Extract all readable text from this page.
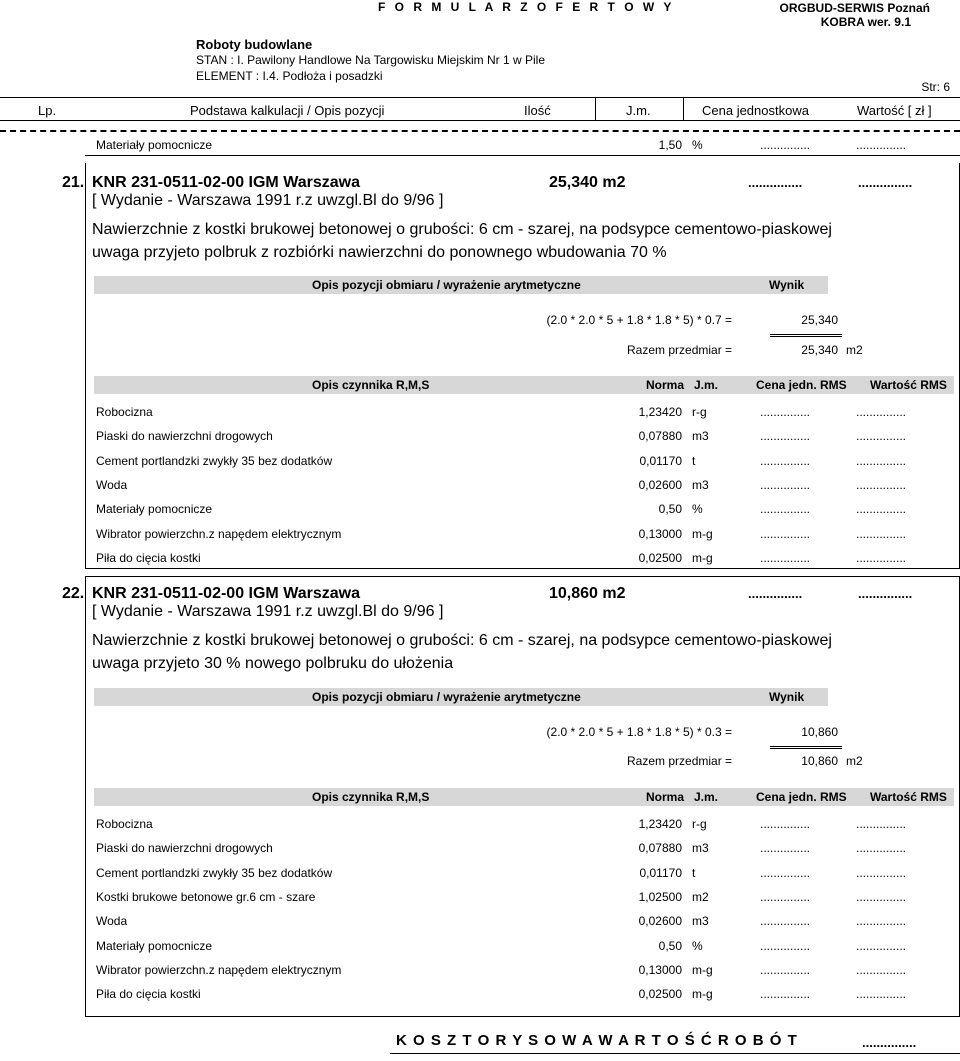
F O R M U L A R Z O F E R T O W Y	ORGBUD-SERWIS Poznań
KOBRA wer. 9.1
Roboty budowlane
STAN : I. Pawilony Handlowe Na Targowisku Miejskim Nr 1 w Pile
ELEMENT : I.4. Podłoża i posadzki
Str: 6
Lp.	Podstawa kalkulacji / Opis pozycji	Ilość	J.m.	Cena jednostkowa	Wartość [ zł ]
Materiały pomocnicze	1,50 %	...............	...............
21. KNR 231-0511-02-00 IGM Warszawa	25,340 m2	...............	...............
[ Wydanie - Warszawa 1991 r.z uwzgl.Bl do 9/96 ]
Nawierzchnie z kostki brukowej betonowej o grubości: 6 cm - szarej, na podsypce cementowo-piaskowej
uwaga przyjeto polbruk z rozbiórki nawierzchni do ponownego wbudowania 70 %
Opis pozycji obmiaru / wyrażenie arytmetyczne	Wynik
(2.0 * 2.0 * 5 + 1.8 * 1.8 * 5) * 0.7 =	25,340
Razem przedmiar =	25,340 m2
Opis czynnika R,M,S	Norma J.m.	Cena jedn. RMS Wartość RMS
Robocizna	1,23420 r-g	...............	...............
Piaski do nawierzchni drogowych	0,07880 m3	...............	...............
Cement portlandzki zwykły 35 bez dodatków	0,01170 t	...............	...............
Woda	0,02600 m3	...............	...............
Materiały pomocnicze	0,50 %	...............	...............
Wibrator powierzchn.z napędem elektrycznym	0,13000 m-g	...............	...............
Piła do cięcia kostki	0,02500 m-g	...............	...............
22. KNR 231-0511-02-00 IGM Warszawa	10,860 m2	...............	...............
[ Wydanie - Warszawa 1991 r.z uwzgl.Bl do 9/96 ]
Nawierzchnie z kostki brukowej betonowej o grubości: 6 cm - szarej, na podsypce cementowo-piaskowej
uwaga przyjeto 30 % nowego polbruku do ułożenia
Opis pozycji obmiaru / wyrażenie arytmetyczne	Wynik
(2.0 * 2.0 * 5 + 1.8 * 1.8 * 5) * 0.3 =	10,860
Razem przedmiar =	10,860 m2
Opis czynnika R,M,S	Norma J.m.	Cena jedn. RMS Wartość RMS
Robocizna	1,23420 r-g	...............	...............
Piaski do nawierzchni drogowych	0,07880 m3	...............	...............
Cement portlandzki zwykły 35 bez dodatków	0,01170 t	...............	...............
Kostki brukowe betonowe gr.6 cm - szare	1,02500 m2	...............	...............
Woda	0,02600 m3	...............	...............
Materiały pomocnicze	0,50 %	...............	...............
Wibrator powierzchn.z napędem elektrycznym	0,13000 m-g	...............	...............
Piła do cięcia kostki	0,02500 m-g	...............	...............
K O S Z T O R Y S O W A W A R T O Ś Ć R O B Ó T	...............
